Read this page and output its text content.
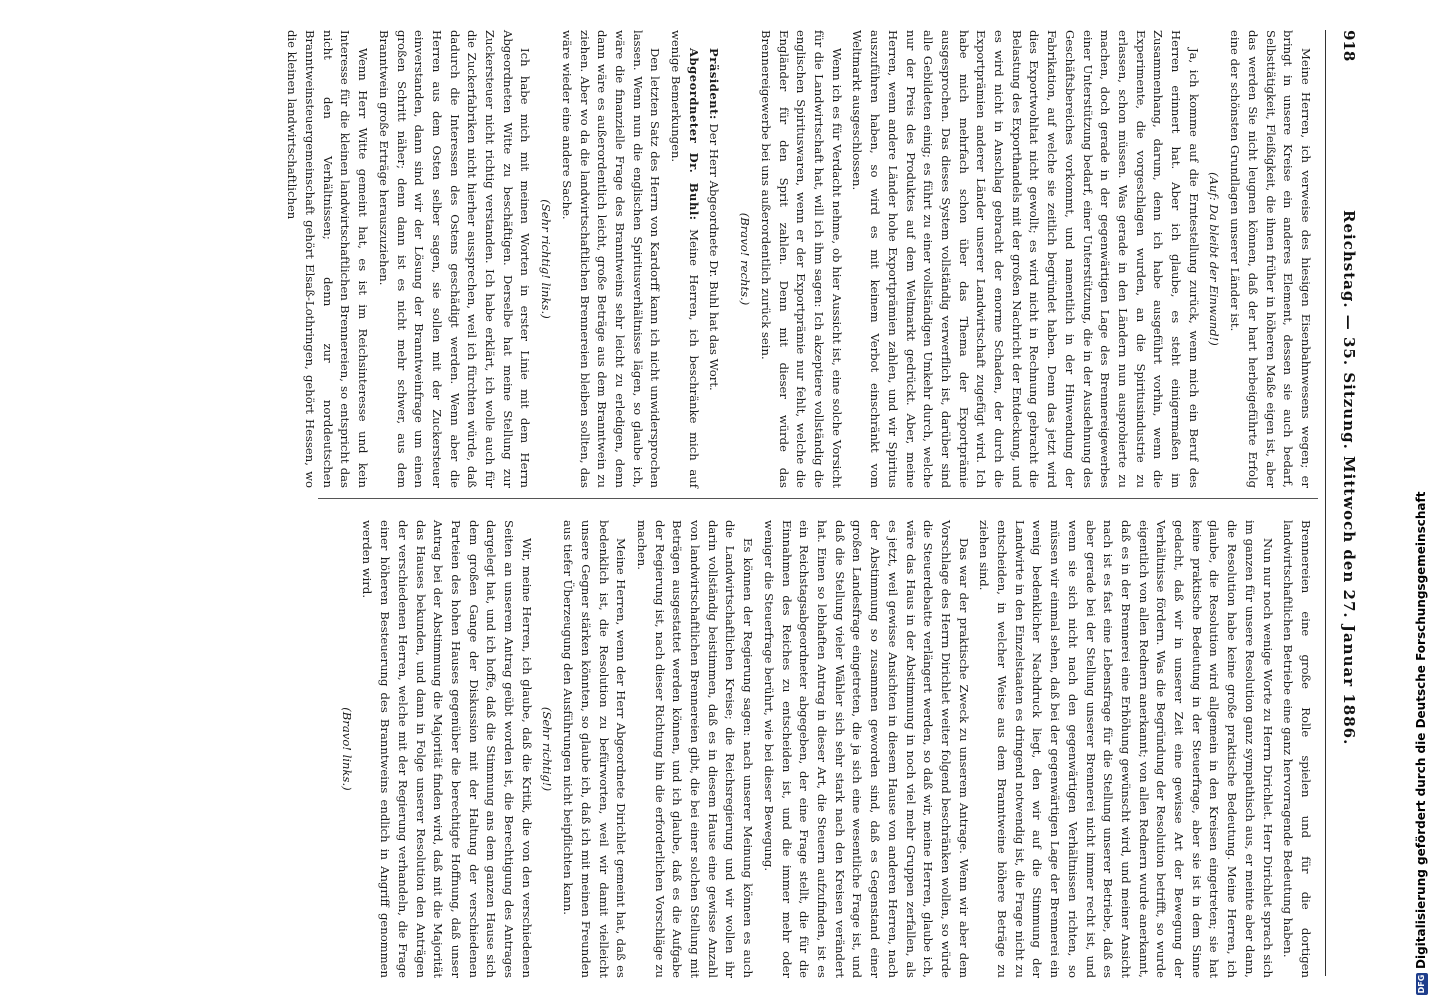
918
Reichstag. — 35. Sitzung. Mittwoch den 27. Januar 1886.

Meine Herren, ich verweise des hiesigen Eisenbahnwesens wegen; er bringt in unsere Kreise ein anderes Element, dessen sie auch bedarf, Selbsttätigkeit, Fleißigkeit, die ihnen früher in höheren Maße eigen ist, aber das werden Sie nicht leugnen können, daß der hart herbeigeführte Erfolg eine der schönsten Grundlagen unserer Länder ist.

(Auf: Da bleibt der Einwand!)

Ja, ich komme auf die Erntestellung zurück, wenn mich ein Beruf des Herren erinnert hat. Aber ich glaube, es steht einigermaßen im Zusammenhang, darum, denn ich habe ausgeführt vorhin, wenn die Experimente, die vorgeschlagen wurden, an die Spiritusindustrie zu erlassen, schon müssen. Was gerade in den Ländern nun ausprobierte zu machen, doch gerade in der gegenwärtigen Lage des Brennereigewerbes einer Unterstützung bedarf, einer Unterstützung, die in der Ausdehnung des Geschäftsbereiches vorkommt, und namentlich in der Hinwendung der Fabrikation, auf welche sie zeitlich begründet haben. Denn das jetzt wird dies Exportwohltat nicht gewollt; es wird nicht in Rechnung gebracht die Belastung des Exporthandels mit der großen Nachricht der Entdeckung, und es wird nicht in Anschlag gebracht der enorme Schaden, der durch die Exportprämien anderer Länder unserer Landwirtschaft zugefügt wird. Ich habe mich mehrfach schon über das Thema der Exportprämie ausgesprochen. Das dieses System vollständig verwerflich ist, darüber sind alle Gebildeten einig; es führt zu einer vollständigen Umkehr durch, welche nur der Preis des Produktes auf dem Weltmarkt gedrückt. Aber, meine Herren, wenn andere Länder hohe Exportprämien zahlen, und wir Spiritus auszuführen haben, so wird es mit keinem Verbot einschränkt vom Weltmarkt ausgeschlossen.

Wenn ich es für Verdacht nehme, ob hier Aussicht ist, eine solche Vorsicht für die Landwirtschaft hat, will ich ihm sagen: Ich akzeptiere vollständig die englischen Spirituswaren, wenn er der Exportprämie nur fehlt, welche die Engländer für den Sprit zahlen. Denn mit dieser würde das Brennereigewerbe bei uns außerordentlich zurück sein.

(Bravo! rechts.)

Präsident: Der Herr Abgeordnete Dr. Buhl hat das Wort.

Abgeordneter Dr. Buhl: Meine Herren, ich beschränke mich auf wenige Bemerkungen.

Den letzten Satz des Herrn von Kardorff kann ich nicht unwidersprochen lassen. Wenn nun die englischen Spiritusverhältnisse lägen, so glaube ich, wäre die finanzielle Frage des Branntweins sehr leicht zu erledigen, denn dann wäre es außerordentlich leicht, große Beträge aus dem Branntwein zu ziehen. Aber wo da die landwirtschaftlichen Brennereien bleiben sollten, das wäre wieder eine andere Sache.

(Sehr richtig! links.)

Ich habe mich mit meinen Worten in erster Linie mit dem Herrn Abgeordneten Witte zu beschäftigen. Derselbe hat meine Stellung zur Zuckersteuer nicht richtig verstanden. Ich habe erklärt, ich wolle auch für die Zuckerfabriken nicht hierher aussprechen, weil ich fürchten würde, daß dadurch die Interessen des Ostens geschädigt werden. Wenn aber die Herren aus dem Osten selber sagen, sie sollen mit der Zuckersteuer einverstanden, dann sind wir der Lösung der Branntweinfrage um einen großen Schritt näher; denn dann ist es nicht mehr schwer, aus dem Branntwein große Erträge herauszuziehen.

Wenn Herr Witte gemeint hat, es ist im Reichsinteresse und kein Interesse für die kleinen landwirtschaftlichen Brennereien, so entspricht das nicht den Verhältnissen; denn zur norddeutschen Branntweinsteuergemeinschaft gehört Elsaß-Lothringen, gehört Hessen, wo die kleinen landwirtschaftlichen

Brennereien eine große Rolle spielen und für die dortigen landwirtschaftlichen Betriebe eine ganz hervorragende Bedeutung haben.

Nun nur noch wenige Worte zu Herrn Dirichlet. Herr Dirichlet sprach sich im ganzen für unsere Resolution ganz sympathisch aus, er meinte aber dann, die Resolution habe keine große praktische Bedeutung. Meine Herren, ich glaube, die Resolution wird allgemein in den Kreisen eingetreten; sie hat keine praktische Bedeutung in der Steuerfrage, aber sie ist in dem Sinne gedacht, daß wir in unserer Zeit eine gewisse Art der Bewegung der Verhältnisse fördern. Was die Begründung der Resolution betrifft, so wurde eigentlich von allen Rednern anerkannt; von allen Rednern wurde anerkannt, daß es in der Brennerei eine Erhöhung gewünscht wird, und meiner Ansicht nach ist es fast eine Lebensfrage für die Stellung unserer Betriebe, daß es aber gerade bei der Stellung unserer Brennerei nicht immer recht ist, und wenn sie sich nicht nach den gegenwärtigen Verhältnissen richten, so müssen wir einmal sehen, daß bei der gegenwärtigen Lage der Brennerei ein wenig bedenklicher Nachdruck liegt, den wir auf die Stimmung der Landwirte in den Einzelstaaten es dringend notwendig ist, die Frage nicht zu entscheiden, in welcher Weise aus dem Branntweine höhere Beträge zu ziehen sind.

Das war der praktische Zweck zu unserem Antrage. Wenn wir aber dem Vorschlage des Herrn Dirichlet weiter folgend beschränken wollen, so würde die Steuerdebatte verlängert werden, so daß wir, meine Herren, glaube ich, wäre das Haus in der Abstimmung in noch viel mehr Gruppen zerfallen, als es jetzt, weil gewisse Ansichten in diesem Hause von anderen Herren, nach der Abstimmung so zusammen geworden sind, daß es Gegenstand einer großen Landesfrage eingetreten, die ja sich eine wesentliche Frage ist, und daß die Stellung vieler Wähler sich sehr stark nach den Kreisen verändert hat. Einen so lebhaften Antrag in dieser Art, die Steuern aufzufinden, ist es ein Reichstagsabgeordneter abgegeben, der eine Frage stellt, die für die Einnahmen des Reiches zu entscheiden ist, und die immer mehr oder weniger die Steuerfrage berührt, wie bei dieser Bewegung.

Es können der Regierung sagen: nach unserer Meinung können es auch die Landwirtschaftlichen Kreise; die Reichsregierung und wir wollen ihr darin vollständig beistimmen, daß es in diesem Hause eine gewisse Anzahl von landwirtschaftlichen Brennereien gibt, die bei einer solchen Stellung mit Beträgen ausgestattet werden können, und ich glaube, daß es die Aufgabe der Regierung ist, nach dieser Richtung hin die erforderlichen Vorschläge zu machen.

Meine Herren, wenn der Herr Abgeordnete Dirichlet gemeint hat, daß es bedenklich ist, die Resolution zu befürworten, weil wir damit vielleicht unsere Gegner stärken könnten, so glaube ich, daß ich mit meinen Freunden aus tiefer Überzeugung den Ausführungen nicht beipflichten kann.

(Sehr richtig!)

Wir, meine Herren, ich glaube, daß die Kritik, die von den verschiedenen Seiten an unserem Antrag geübt worden ist, die Berechtigung des Antrages dargelegt hat, und ich hoffe, daß die Stimmung ans dem ganzen Hause sich dem großen Gange der Diskussion mit der Haltung der verschiedenen Parteien des hohen Hauses gegenüber die berechtigte Hoffnung, daß unser Antrag bei der Abstimmung die Majorität finden wird, daß mit die Majorität das Hauses bekunden, und dann in Folge unserer Resolution den Anträgen der verschiedenen Herren, welche mit der Regierung verhandeln, die Frage einer höheren Besteuerung des Branntweins endlich in Angriff genommen werden wird.

(Bravo! links.)

DFGDigitalisierung gefördert durch die Deutsche Forschungsgemeinschaft
